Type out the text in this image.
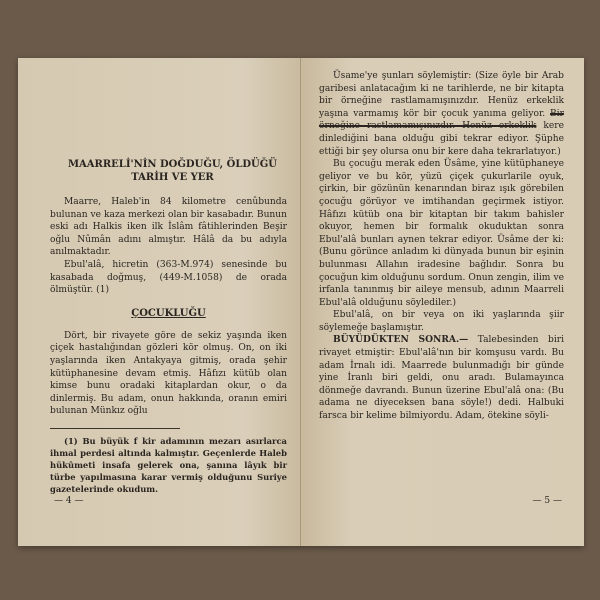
MAARRELİ'NİN DOĞDUĞU, ÖLDÜĞÜ TARİH VE YER

Maarre, Haleb'in 84 kilometre cenûbunda bulunan ve kaza merkezi olan bir kasabadır. Bunun eski adı Halkis iken ilk İslâm fâtihlerinden Beşir oğlu Nûmân adını almıştır. Hâlâ da bu adıyla anılmaktadır.

Ebul'alâ, hicretin (363-M.974) senesinde bu kasabada doğmuş, (449-M.1058) de orada ölmüştür. (1)

ÇOCUKLUĞU

Dört, bir rivayete göre de sekiz yaşında iken çiçek hastalığından gözleri kör olmuş. On, on iki yaşlarında iken Antakyaya gitmiş, orada şehir kütüphanesine devam etmiş. Hâfızı kütüb olan kimse bunu oradaki kitaplardan okur, o da dinlermiş. Bu adam, onun hakkında, oranın emiri bulunan Münkız oğlu

(1) Bu büyük f kir adamının mezarı asırlarca ihmal perdesi altında kalmıştır. Geçenlerde Haleb hükûmeti insafa gelerek ona, şanına lâyık bir türbe yapılmasına karar vermiş olduğunu Suriye gazetelerinde okudum.

— 4 —

Üsame'ye şunları söylemiştir: (Size öyle bir Arab garibesi anlatacağım ki ne tarihlerde, ne bir kitapta bir örneğine rastlamamışınızdır. Henüz erkeklik yaşına varmamış kör bir çocuk yanıma geliyor. Bir örneğine rastlamamışınızdır. Henüz erkeklik kere dinlediğini bana olduğu gibi tekrar ediyor. Şüphe ettiği bir şey olursa onu bir kere daha tekrarlatıyor.)

Bu çocuğu merak eden Üsâme, yine kütüphaneye geliyor ve bu kör, yüzü çiçek çukurlarile oyuk, çirkin, bir gözünün kenarından biraz ışık görebilen çocuğu görüyor ve imtihandan geçirmek istiyor. Hâfızı kütüb ona bir kitaptan bir takım bahisler okuyor, hemen bir formalık okuduktan sonra Ebul'alâ bunları aynen tekrar ediyor. Üsâme der ki: (Bunu görünce anladım ki dünyada bunun bir eşinin bulunması Allahın iradesine bağlıdır. Sonra bu çocuğun kim olduğunu sordum. Onun zengin, ilim ve irfanla tanınmış bir aileye mensub, adının Maarreli Ebul'alâ olduğunu söylediler.)

Ebul'alâ, on bir veya on iki yaşlarında şiir söylemeğe başlamıştır.

BÜYÜDÜKTEN SONRA.— Talebesinden biri rivayet etmiştir: Ebul'alâ'nın bir komşusu vardı. Bu adam İrnalı idi. Maarrede bulunmadığı bir günde yine İranlı biri geldi, onu aradı. Bulamayınca dönmeğe davrandı. Bunun üzerine Ebul'alâ ona: (Bu adama ne diyeceksen bana söyle!) dedi. Halbuki farsca bir kelime bilmiyordu. Adam, ötekine söyli-

— 5 —
